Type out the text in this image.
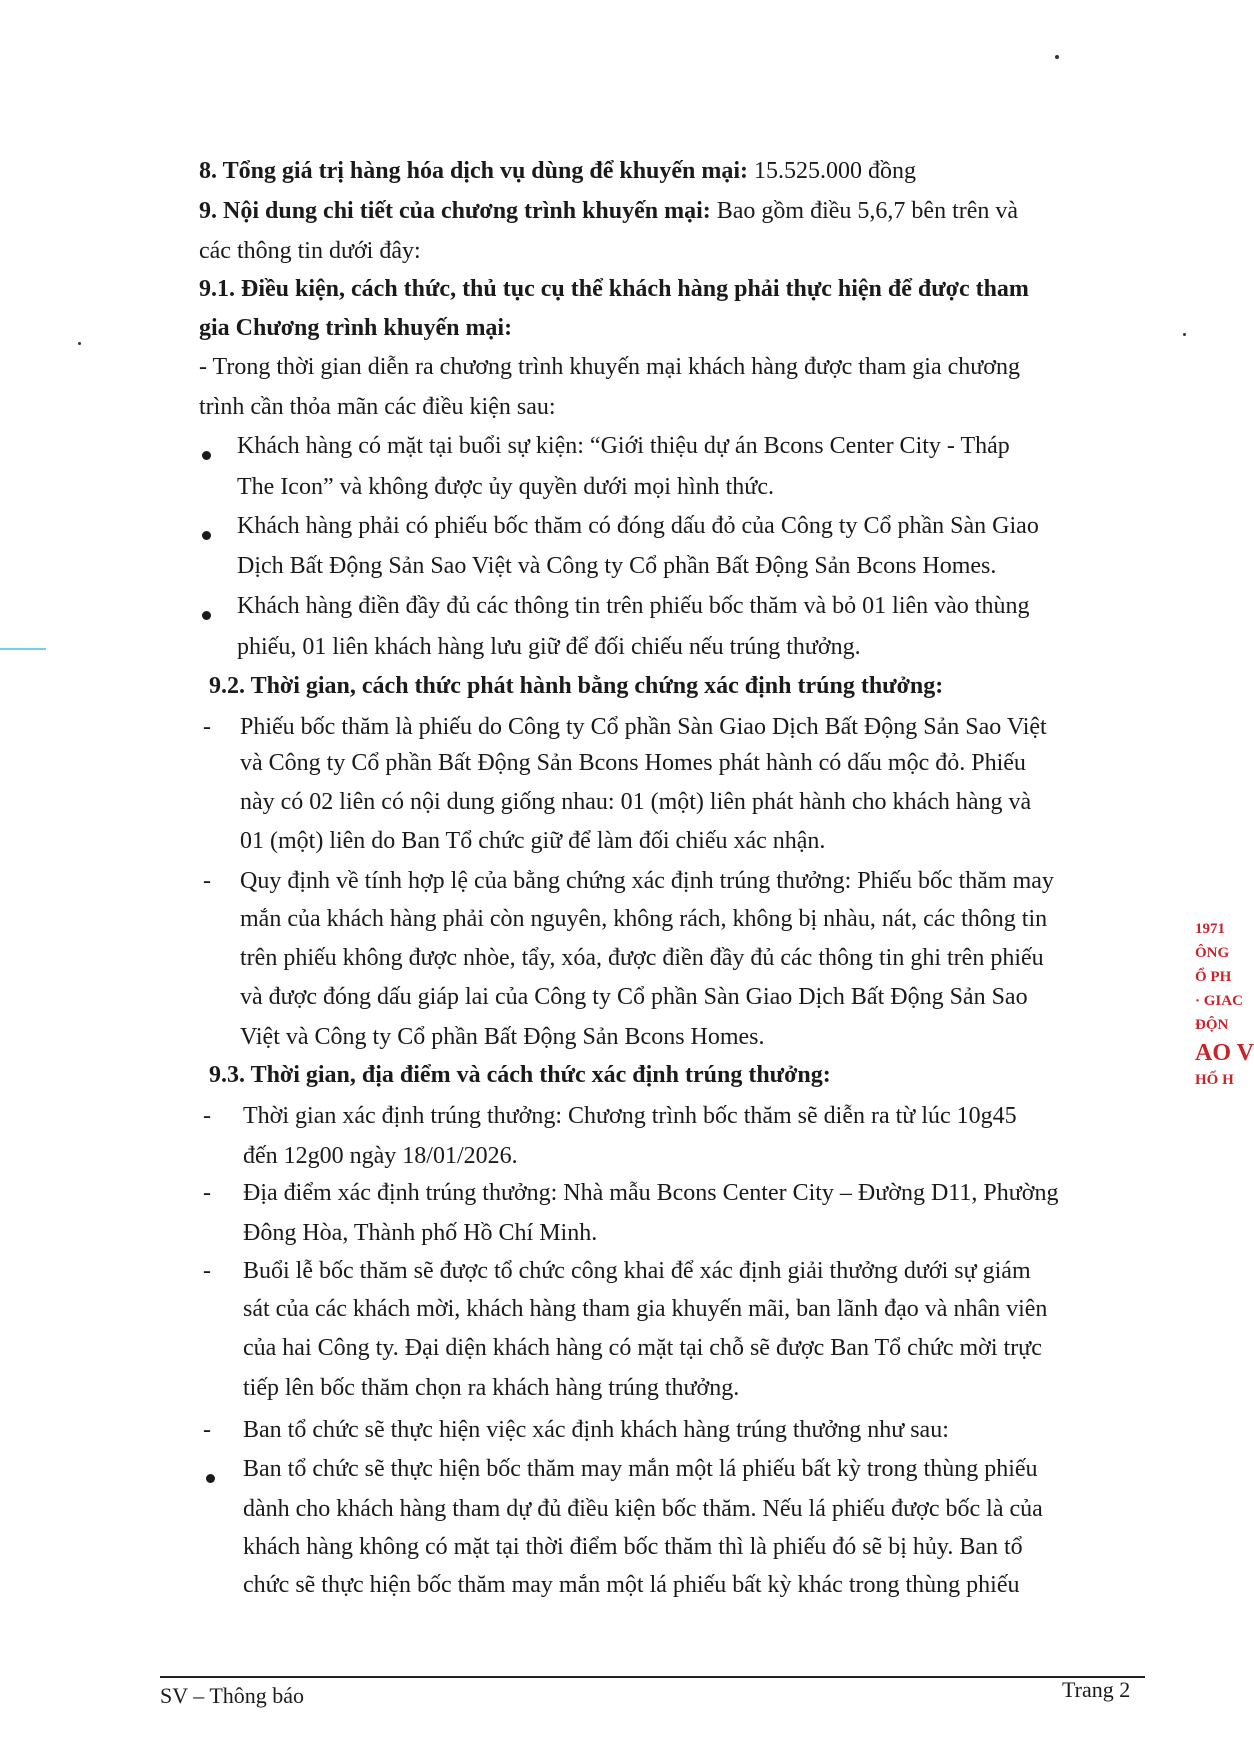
8. Tổng giá trị hàng hóa dịch vụ dùng để khuyến mại: 15.525.000 đồng
9. Nội dung chi tiết của chương trình khuyến mại: Bao gồm điều 5,6,7 bên trên và
các thông tin dưới đây:
9.1. Điều kiện, cách thức, thủ tục cụ thể khách hàng phải thực hiện để được tham
gia Chương trình khuyến mại:
- Trong thời gian diễn ra chương trình khuyến mại khách hàng được tham gia chương
trình cần thỏa mãn các điều kiện sau:
Khách hàng có mặt tại buổi sự kiện: “Giới thiệu dự án Bcons Center City - Tháp
The Icon” và không được ủy quyền dưới mọi hình thức.
Khách hàng phải có phiếu bốc thăm có đóng dấu đỏ của Công ty Cổ phần Sàn Giao
Dịch Bất Động Sản Sao Việt và Công ty Cổ phần Bất Động Sản Bcons Homes.
Khách hàng điền đầy đủ các thông tin trên phiếu bốc thăm và bỏ 01 liên vào thùng
phiếu, 01 liên khách hàng lưu giữ để đối chiếu nếu trúng thưởng.
9.2. Thời gian, cách thức phát hành bằng chứng xác định trúng thưởng:
- Phiếu bốc thăm là phiếu do Công ty Cổ phần Sàn Giao Dịch Bất Động Sản Sao Việt
và Công ty Cổ phần Bất Động Sản Bcons Homes phát hành có dấu mộc đỏ. Phiếu
này có 02 liên có nội dung giống nhau: 01 (một) liên phát hành cho khách hàng và
01 (một) liên do Ban Tổ chức giữ để làm đối chiếu xác nhận.
- Quy định về tính hợp lệ của bằng chứng xác định trúng thưởng: Phiếu bốc thăm may
mắn của khách hàng phải còn nguyên, không rách, không bị nhàu, nát, các thông tin
trên phiếu không được nhòe, tẩy, xóa, được điền đầy đủ các thông tin ghi trên phiếu
và được đóng dấu giáp lai của Công ty Cổ phần Sàn Giao Dịch Bất Động Sản Sao
Việt và Công ty Cổ phần Bất Động Sản Bcons Homes.
9.3. Thời gian, địa điểm và cách thức xác định trúng thưởng:
- Thời gian xác định trúng thưởng: Chương trình bốc thăm sẽ diễn ra từ lúc 10g45
đến 12g00 ngày 18/01/2026.
- Địa điểm xác định trúng thưởng: Nhà mẫu Bcons Center City – Đường D11, Phường
Đông Hòa, Thành phố Hồ Chí Minh.
- Buổi lễ bốc thăm sẽ được tổ chức công khai để xác định giải thưởng dưới sự giám
sát của các khách mời, khách hàng tham gia khuyến mãi, ban lãnh đạo và nhân viên
của hai Công ty. Đại diện khách hàng có mặt tại chỗ sẽ được Ban Tổ chức mời trực
tiếp lên bốc thăm chọn ra khách hàng trúng thưởng.
- Ban tổ chức sẽ thực hiện việc xác định khách hàng trúng thưởng như sau:
Ban tổ chức sẽ thực hiện bốc thăm may mắn một lá phiếu bất kỳ trong thùng phiếu
dành cho khách hàng tham dự đủ điều kiện bốc thăm. Nếu lá phiếu được bốc là của
khách hàng không có mặt tại thời điểm bốc thăm thì là phiếu đó sẽ bị hủy. Ban tổ
chức sẽ thực hiện bốc thăm may mắn một lá phiếu bất kỳ khác trong thùng phiếu
1971
ÔNG
Ổ PH
· GIAC
ĐỘN
AO V
HỐ H
SV – Thông báo	Trang 2
